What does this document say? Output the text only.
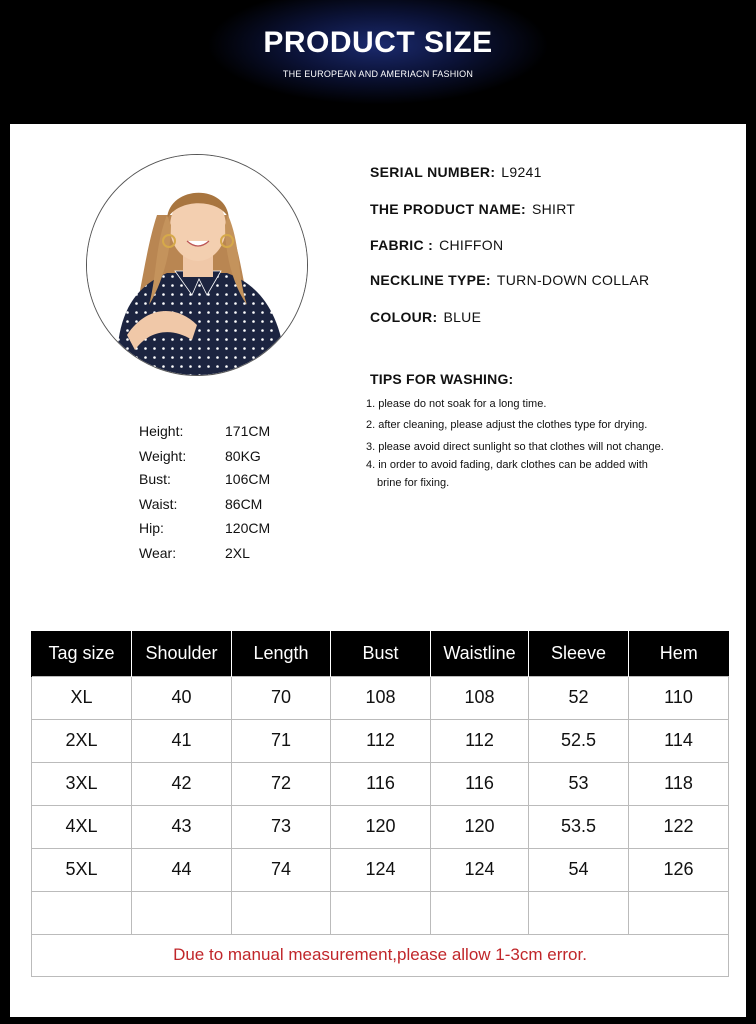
PRODUCT SIZE
THE EUROPEAN AND AMERIACN FASHION
SERIAL NUMBER: L9241
THE PRODUCT NAME: SHIRT
FABRIC : CHIFFON
NECKLINE TYPE: TURN-DOWN COLLAR
COLOUR: BLUE
TIPS FOR WASHING:
1. please do not soak for a long time.
2. after cleaning, please adjust the clothes type for drying.
3. please avoid direct sunlight so that clothes will not change.
4. in order to avoid fading, dark clothes can be added with
brine for fixing.
Height:	171CM
Weight:	80KG
Bust:	106CM
Waist:	86CM
Hip:	120CM
Wear:	2XL
Tag size	Shoulder	Length	Bust	Waistline	Sleeve	Hem
XL	40	70	108	108	52	110
2XL	41	71	112	112	52.5	114
3XL	42	72	116	116	53	118
4XL	43	73	120	120	53.5	122
5XL	44	74	124	124	54	126

Due to manual measurement,please allow 1-3cm error.						
